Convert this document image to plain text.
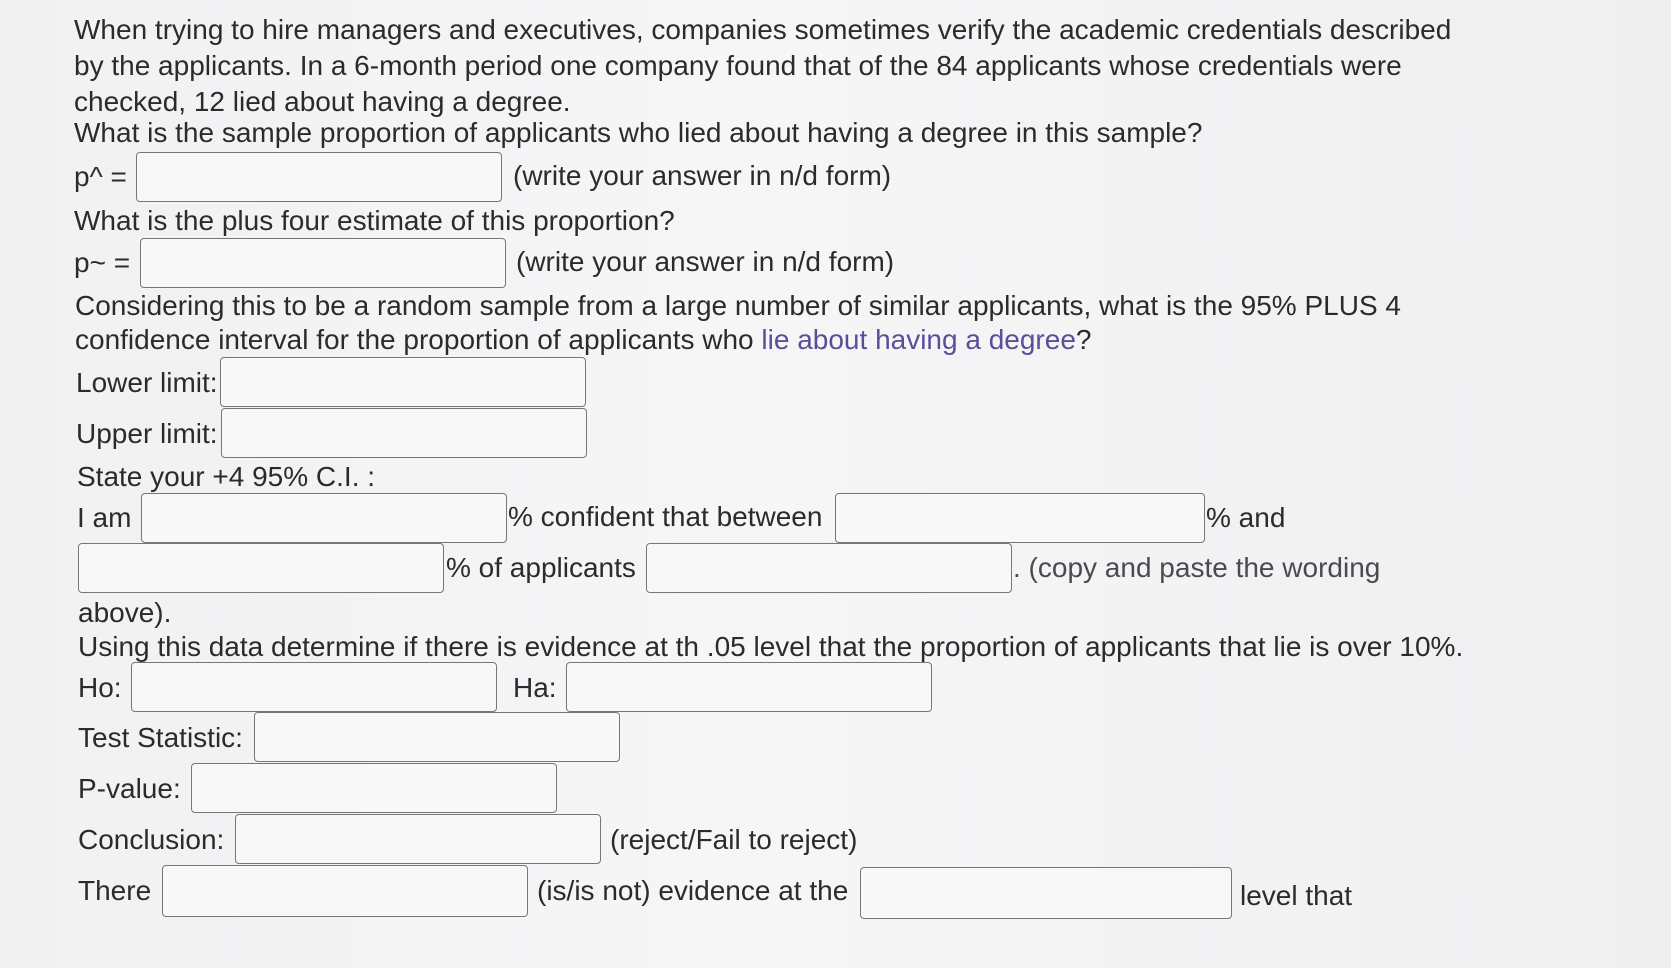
When trying to hire managers and executives, companies sometimes verify the academic credentials described
by the applicants. In a 6-month period one company found that of the 84 applicants whose credentials were
checked, 12 lied about having a degree.
What is the sample proportion of applicants who lied about having a degree in this sample?
p^ =	(write your answer in n/d form)
What is the plus four estimate of this proportion?
p~ =	(write your answer in n/d form)
Considering this to be a random sample from a large number of similar applicants, what is the 95% PLUS 4
confidence interval for the proportion of applicants who lie about having a degree?
Lower limit:
Upper limit:
State your +4 95% C.I. :
I am	% confident that between	% and
% of applicants	. (copy and paste the wording
above).
Using this data determine if there is evidence at th .05 level that the proportion of applicants that lie is over 10%.
Ho:	Ha:
Test Statistic:
P-value:
Conclusion:	(reject/Fail to reject)
There	(is/is not) evidence at the	level that
